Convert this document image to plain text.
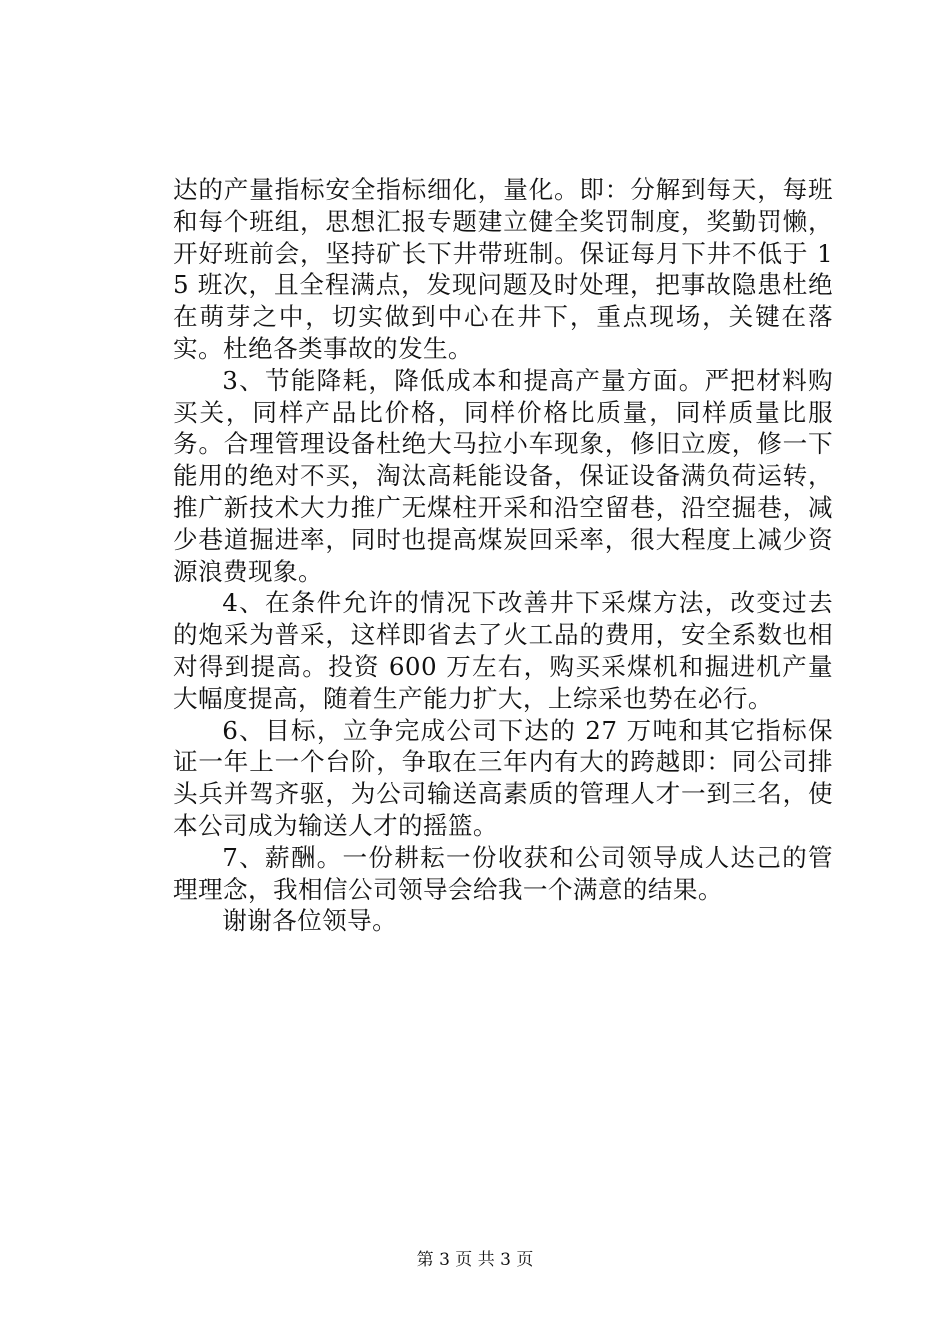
达的产量指标安全指标细化，量化。即：分解到每天，每班和每个班组，思想汇报专题建立健全奖罚制度，奖勤罚懒，开好班前会，坚持矿长下井带班制。保证每月下井不低于 15 班次，且全程满点，发现问题及时处理，把事故隐患杜绝在萌芽之中，切实做到中心在井下，重点现场，关键在落实。杜绝各类事故的发生。

3、节能降耗，降低成本和提高产量方面。严把材料购买关，同样产品比价格，同样价格比质量，同样质量比服务。合理管理设备杜绝大马拉小车现象，修旧立废，修一下能用的绝对不买，淘汰高耗能设备，保证设备满负荷运转，推广新技术大力推广无煤柱开采和沿空留巷，沿空掘巷，减少巷道掘进率，同时也提高煤炭回采率，很大程度上减少资源浪费现象。

4、在条件允许的情况下改善井下采煤方法，改变过去的炮采为普采，这样即省去了火工品的费用，安全系数也相对得到提高。投资 600 万左右，购买采煤机和掘进机产量大幅度提高，随着生产能力扩大，上综采也势在必行。

6、目标，立争完成公司下达的 27 万吨和其它指标保证一年上一个台阶，争取在三年内有大的跨越即：同公司排头兵并驾齐驱，为公司输送高素质的管理人才一到三名，使本公司成为输送人才的摇篮。

7、薪酬。一份耕耘一份收获和公司领导成人达己的管理理念，我相信公司领导会给我一个满意的结果。

谢谢各位领导。

第 3 页 共 3 页
